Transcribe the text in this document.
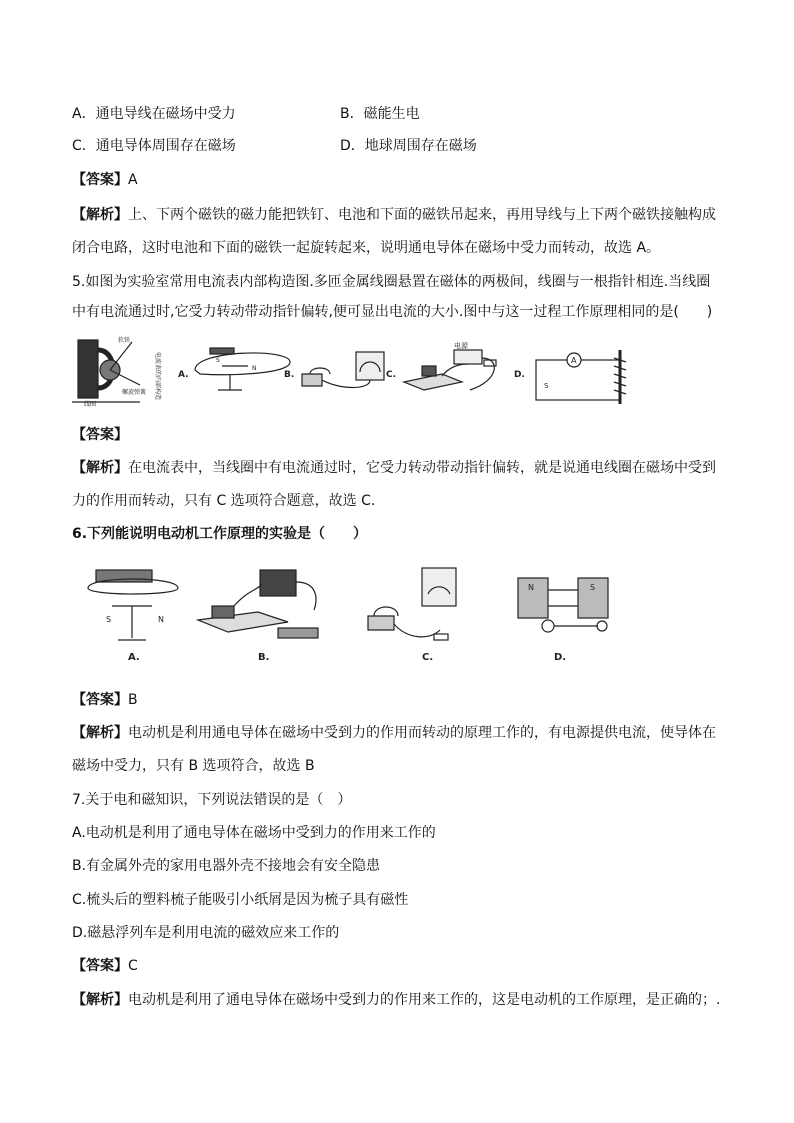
A．通电导线在磁场中受力	B．磁能生电
C．通电导体周围存在磁场	D．地球周围存在磁场
【答案】A
【解析】上、下两个磁铁的磁力能把铁钉、电池和下面的磁铁吊起来，再用导线与上下两个磁铁接触构成
闭合电路，这时电池和下面的磁铁一起旋转起来，说明通电导体在磁场中受力而转动，故选 A。
5.如图为实验室常用电流表内部构造图.多匝金属线圈悬置在磁体的两极间，线圈与一根指针相连.当线圈
中有电流通过时,它受力转动带动指针偏转,便可显出电流的大小.图中与这一过程工作原理相同的是(　　)
软铁
螺旋弹簧
线圈
电流表的内部构造 A.
S
N
B.	C.
电源
D.
A
S
【答案】
【解析】在电流表中，当线圈中有电流通过时，它受力转动带动指针偏转，就是说通电线圈在磁场中受到
力的作用而转动，只有 C 选项符合题意，故选 C.
6.下列能说明电动机工作原理的实验是（　　）
S	N
A.	B.	C.
N	S
D.
【答案】B
【解析】电动机是利用通电导体在磁场中受到力的作用而转动的原理工作的，有电源提供电流，使导体在
磁场中受力，只有 B 选项符合，故选 B
7.关于电和磁知识，下列说法错误的是（　）
A.电动机是利用了通电导体在磁场中受到力的作用来工作的
B.有金属外壳的家用电器外壳不接地会有安全隐患
C.梳头后的塑料梳子能吸引小纸屑是因为梳子具有磁性
D.磁悬浮列车是利用电流的磁效应来工作的
【答案】C
【解析】电动机是利用了通电导体在磁场中受到力的作用来工作的，这是电动机的工作原理，是正确的；.
